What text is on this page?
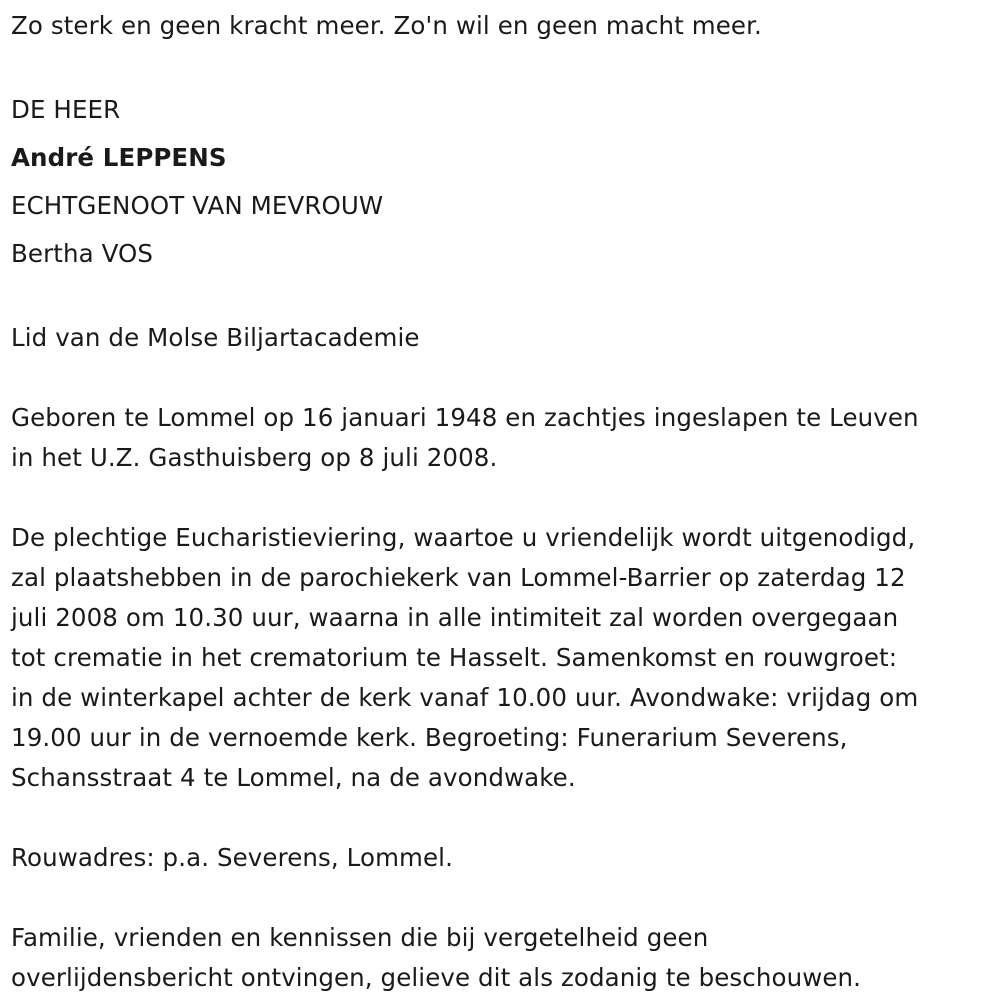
Zo sterk en geen kracht meer. Zo'n wil en geen macht meer.
DE HEER
André LEPPENS
ECHTGENOOT VAN MEVROUW
Bertha VOS
Lid van de Molse Biljartacademie
Geboren te Lommel op 16 januari 1948 en zachtjes ingeslapen te Leuven
in het U.Z. Gasthuisberg op 8 juli 2008.
De plechtige Eucharistieviering, waartoe u vriendelijk wordt uitgenodigd,
zal plaatshebben in de parochiekerk van Lommel-Barrier op zaterdag 12
juli 2008 om 10.30 uur, waarna in alle intimiteit zal worden overgegaan
tot crematie in het crematorium te Hasselt. Samenkomst en rouwgroet:
in de winterkapel achter de kerk vanaf 10.00 uur. Avondwake: vrijdag om
19.00 uur in de vernoemde kerk. Begroeting: Funerarium Severens,
Schansstraat 4 te Lommel, na de avondwake.
Rouwadres: p.a. Severens, Lommel.
Familie, vrienden en kennissen die bij vergetelheid geen
overlijdensbericht ontvingen, gelieve dit als zodanig te beschouwen.
